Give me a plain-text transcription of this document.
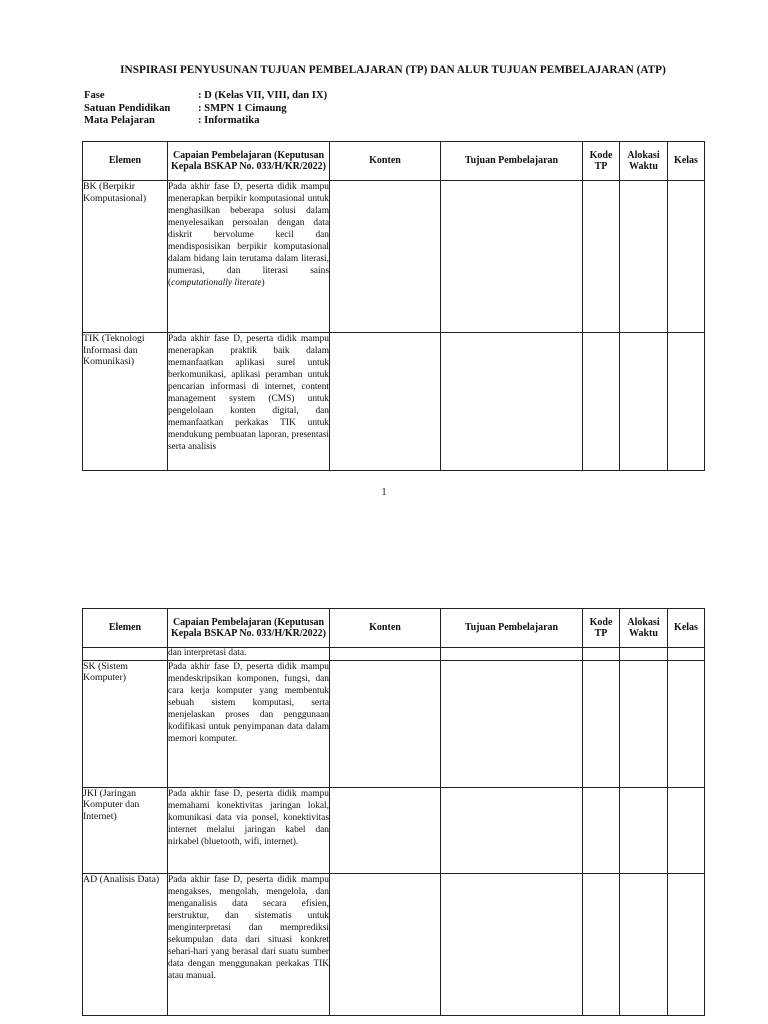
INSPIRASI PENYUSUNAN TUJUAN PEMBELAJARAN (TP) DAN ALUR TUJUAN PEMBELAJARAN (ATP)
Fase	: D (Kelas VII, VIII, dan IX)
Satuan Pendidikan	: SMPN 1 Cimaung
Mata Pelajaran	: Informatika
Elemen	Capaian Pembelajaran (Keputusan Kepala BSKAP No. 033/H/KR/2022)	Konten	Tujuan Pembelajaran	Kode TP	Alokasi Waktu	Kelas
BK (Berpikir Komputasional)	Pada akhir fase D, peserta didik mampu menerapkan berpikir komputasional untuk menghasilkan beberapa solusi dalam menyelesaikan persoalan dengan data diskrit bervolume kecil dan mendisposisikan berpikir komputasional dalam bidang lain terutama dalam literasi, numerasi, dan literasi sains (computationally literate)					
TIK (Teknologi Informasi dan Komunikasi)	Pada akhir fase D, peserta didik mampu menerapkan praktik baik dalam memanfaatkan aplikasi surel untuk berkomunikasi, aplikasi peramban untuk pencarian informasi di internet, content management system (CMS) untuk pengelolaan konten digital, dan memanfaatkan perkakas TIK untuk mendukung pembuatan laporan, presentasi serta analisis					

1
Elemen	Capaian Pembelajaran (Keputusan Kepala BSKAP No. 033/H/KR/2022)	Konten	Tujuan Pembelajaran	Kode TP	Alokasi Waktu	Kelas
	dan interpretasi data.					
SK (Sistem Komputer)	Pada akhir fase D, peserta didik mampu mendeskripsikan komponen, fungsi, dan cara kerja komputer yang membentuk sebuah sistem komputasi, serta menjelaskan proses dan penggunaan kodifikasi untuk penyimpanan data dalam memori komputer.					
JKI (Jaringan Komputer dan Internet)	Pada akhir fase D, peserta didik mampu memahami konektivitas jaringan lokal, komunikasi data via ponsel, konektivitas internet melalui jaringan kabel dan nirkabel (bluetooth, wifi, internet).					
AD (Analisis Data)	Pada akhir fase D, peserta didik mampu mengakses, mengolah, mengelola, dan menganalisis data secara efisien, terstruktur, dan sistematis untuk menginterpretasi dan memprediksi sekumpulan data dari situasi konkret sehari-hari yang berasal dari suatu sumber data dengan menggunakan perkakas TIK atau manual.					
